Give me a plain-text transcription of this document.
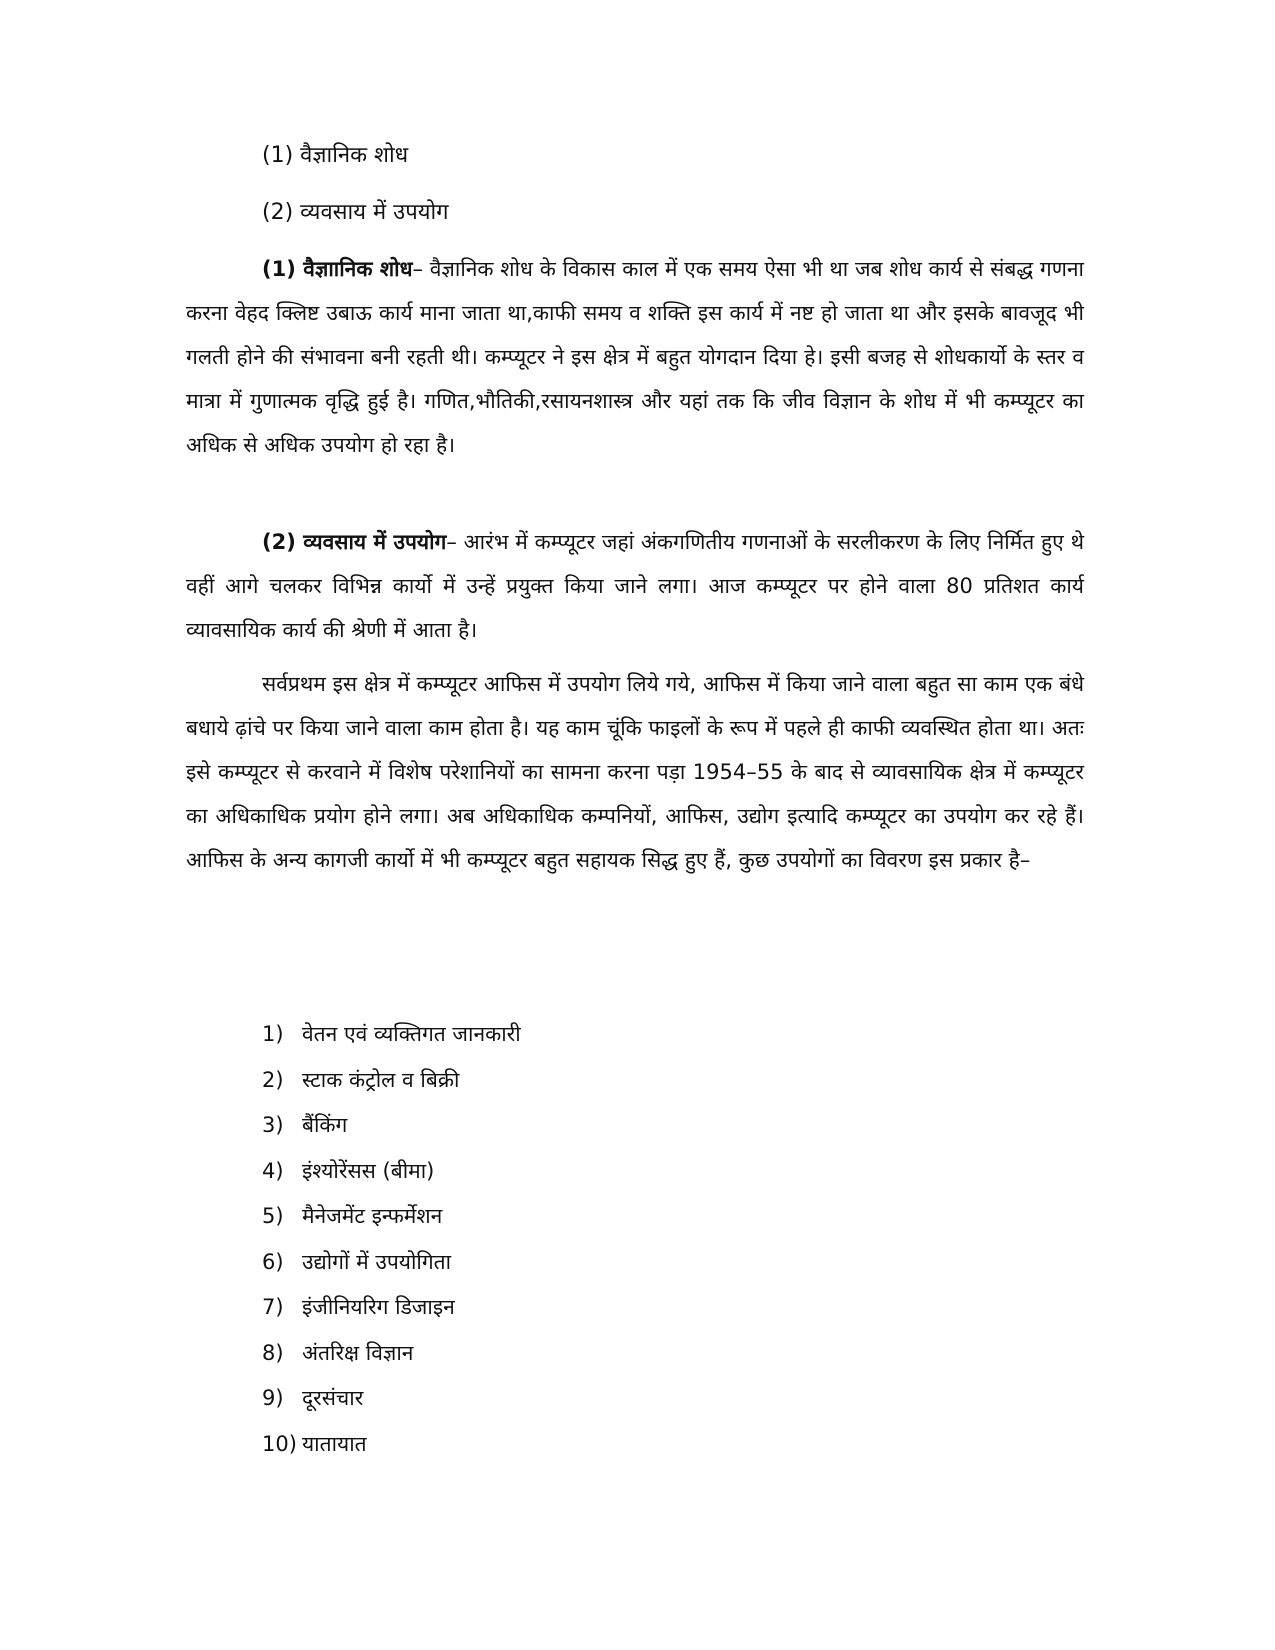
(1) वैज्ञानिक शोध
(2) व्यवसाय में उपयोग

(1) वैज्ञाानिक शोध– वैज्ञानिक शोध के विकास काल में एक समय ऐसा भी था जब शोध कार्य से संबद्ध गणना करना वेहद क्लिष्ट उबाऊ कार्य माना जाता था,काफी समय व शक्ति इस कार्य में नष्ट हो जाता था और इसके बावजूद भी गलती होने की संभावना बनी रहती थी। कम्प्यूटर ने इस क्षेत्र में बहुत योगदान दिया हे। इसी बजह से शोधकार्यो के स्तर व मात्रा में गुणात्मक वृद्धि हुई है। गणित,भौतिकी,रसायनशास्त्र और यहां तक कि जीव विज्ञान के शोध में भी कम्प्यूटर का अधिक से अधिक उपयोग हो रहा है।

(2) व्यवसाय में उपयोग– आरंभ में कम्प्यूटर जहां अंकगणितीय गणनाओं के सरलीकरण के लिए निर्मित हुए थे वहीं आगे चलकर विभिन्न कार्यो में उन्हें प्रयुक्त किया जाने लगा। आज कम्प्यूटर पर होने वाला 80 प्रतिशत कार्य व्यावसायिक कार्य की श्रेणी में आता है।

सर्वप्रथम इस क्षेत्र में कम्प्यूटर आफिस में उपयोग लिये गये, आफिस में किया जाने वाला बहुत सा काम एक बंधे बधाये ढ़ांचे पर किया जाने वाला काम होता है। यह काम चूंकि फाइलों के रूप में पहले ही काफी व्यवस्थित होता था। अतः इसे कम्प्यूटर से करवाने में विशेष परेशानियों का सामना करना पड़ा 1954–55 के बाद से व्यावसायिक क्षेत्र में कम्प्यूटर का अधिकाधिक प्रयोग होने लगा। अब अधिकाधिक कम्पनियों, आफिस, उद्योग इत्यादि कम्प्यूटर का उपयोग कर रहे हैं। आफिस के अन्य कागजी कार्यो में भी कम्प्यूटर बहुत सहायक सिद्ध हुए हैं, कुछ उपयोगों का विवरण इस प्रकार है–

1) वेतन एवं व्यक्तिगत जानकारी
2) स्टाक कंट्रोल व बिक्री
3) बैंकिंग
4) इंश्योरेंसस (बीमा)
5) मैनेजमेंट इन्फर्मेशन
6) उद्योगों में उपयोगिता
7) इंजीनियरिग डिजाइन
8) अंतरिक्ष विज्ञान
9) दूरसंचार
10) यातायात
